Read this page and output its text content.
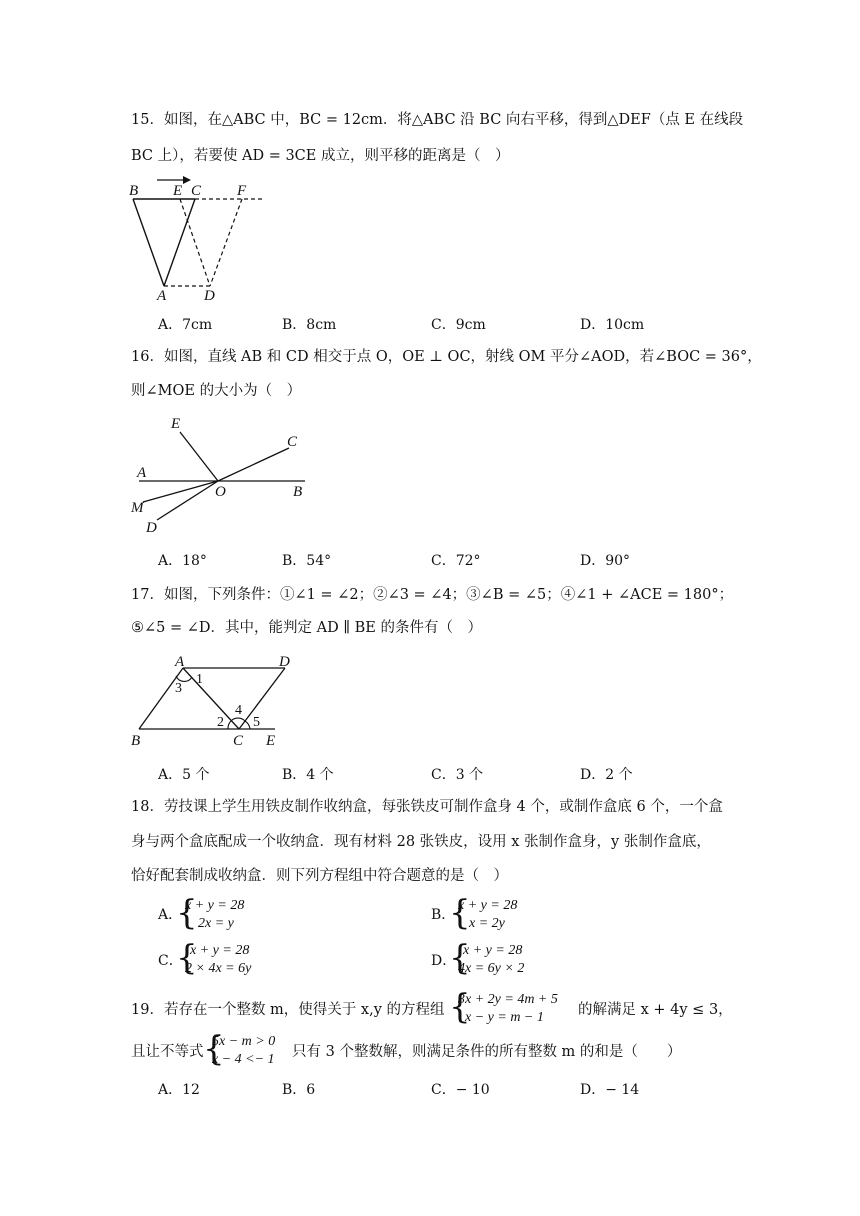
15．如图，在△ABC 中，BC = 12cm．将△ABC 沿 BC 向右平移，得到△DEF（点 E 在线段
BC 上），若要使 AD = 3CE 成立，则平移的距离是（　）
B E C F
A	D
A．7cm	B．8cm	C．9cm	D．10cm
16．如图，直线 AB 和 CD 相交于点 O，OE ⊥ OC，射线 OM 平分∠AOD，若∠BOC = 36°，
则∠MOE 的大小为（　）
E
C
A
O	B
M
D
A．18°	B．54°	C．72°	D．90°
17．如图，下列条件：①∠1 = ∠2；②∠3 = ∠4；③∠B = ∠5；④∠1 + ∠ACE = 180°；
⑤∠5 = ∠D．其中，能判定 AD ∥ BE 的条件有（　）
A	D
B	C E
1
3
2
4
5
A．5 个	B．4 个	C．3 个	D．2 个
18．劳技课上学生用铁皮制作收纳盒，每张铁皮可制作盒身 4 个，或制作盒底 6 个，一个盒
身与两个盒底配成一个收纳盒．现有材料 28 张铁皮，设用 x 张制作盒身，y 张制作盒底，
恰好配套制成收纳盒．则下列方程组中符合题意的是（　）
A．
{
x + y = 28
2x = y
B．
{
x + y = 28
x = 2y
C．
{
x + y = 28
2 × 4x = 6y	D．
{
x + y = 28
4x = 6y × 2
19．若存在一个整数 m，使得关于 x,y 的方程组 {
3x + 2y = 4m + 5
x − y = m − 1 的解满足 x + 4y ≤ 3，
且让不等式 {
5x − m > 0
x − 4 <− 1 只有 3 个整数解，则满足条件的所有整数 m 的和是（　　）
A．12	B．6	C．− 10	D．− 14
